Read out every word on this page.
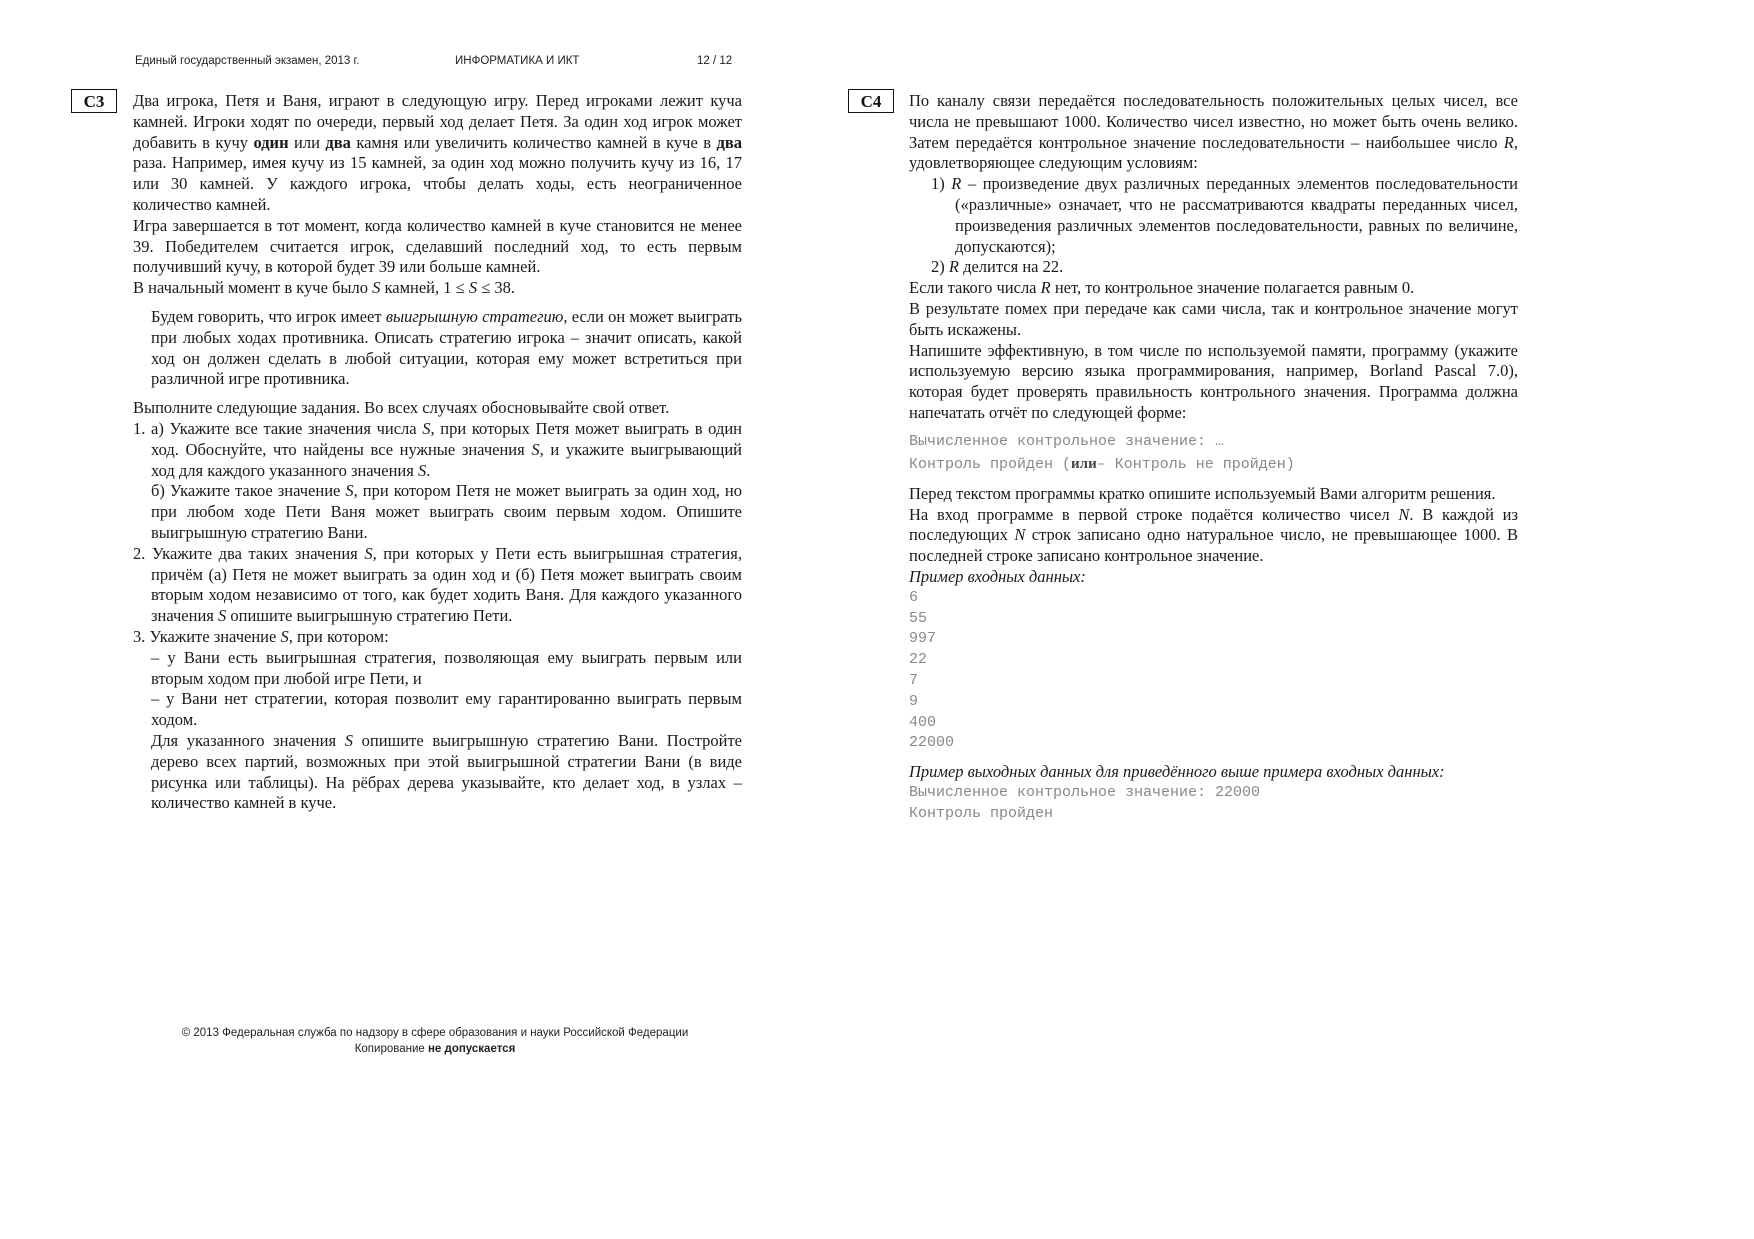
Единый государственный экзамен, 2013 г.	ИНФОРМАТИКА И ИКТ	12 / 12
C3	Два игрока, Петя и Ваня, играют в следующую игру. Перед игроками лежит куча камней. Игроки ходят по очереди, первый ход делает Петя. За один ход игрок может добавить в кучу один или два камня или увеличить количество камней в куче в два раза. Например, имея кучу из 15 камней, за один ход можно получить кучу из 16, 17 или 30 камней. У каждого игрока, чтобы делать ходы, есть неограниченное количество камней.

Игра завершается в тот момент, когда количество камней в куче становится не менее 39. Победителем считается игрок, сделавший последний ход, то есть первым получивший кучу, в которой будет 39 или больше камней.

В начальный момент в куче было S камней, 1 ≤ S ≤ 38.

Будем говорить, что игрок имеет выигрышную стратегию, если он может выиграть при любых ходах противника. Описать стратегию игрока – значит описать, какой ход он должен сделать в любой ситуации, которая ему может встретиться при различной игре противника.

Выполните следующие задания. Во всех случаях обосновывайте свой ответ.

1. а) Укажите все такие значения числа S, при которых Петя может выиграть в один ход. Обоснуйте, что найдены все нужные значения S, и укажите выигрывающий ход для каждого указанного значения S.

б) Укажите такое значение S, при котором Петя не может выиграть за один ход, но при любом ходе Пети Ваня может выиграть своим первым ходом. Опишите выигрышную стратегию Вани.

2. Укажите два таких значения S, при которых у Пети есть выигрышная стратегия, причём (а) Петя не может выиграть за один ход и (б) Петя может выиграть своим вторым ходом независимо от того, как будет ходить Ваня. Для каждого указанного значения S опишите выигрышную стратегию Пети.

3. Укажите значение S, при котором:

– у Вани есть выигрышная стратегия, позволяющая ему выиграть первым или вторым ходом при любой игре Пети, и

– у Вани нет стратегии, которая позволит ему гарантированно выиграть первым ходом.

Для указанного значения S опишите выигрышную стратегию Вани. Постройте дерево всех партий, возможных при этой выигрышной стратегии Вани (в виде рисунка или таблицы). На рёбрах дерева указывайте, кто делает ход, в узлах – количество камней в куче.

C4	По каналу связи передаётся последовательность положительных целых чисел, все числа не превышают 1000. Количество чисел известно, но может быть очень велико. Затем передаётся контрольное значение последовательности – наибольшее число R, удовлетворяющее следующим условиям:

1) R – произведение двух различных переданных элементов последовательности («различные» означает, что не рассматриваются квадраты переданных чисел, произведения различных элементов последовательности, равных по величине, допускаются);

2) R делится на 22.

Если такого числа R нет, то контрольное значение полагается равным 0.

В результате помех при передаче как сами числа, так и контрольное значение могут быть искажены.

Напишите эффективную, в том числе по используемой памяти, программу (укажите используемую версию языка программирования, например, Borland Pascal 7.0), которая будет проверять правильность контрольного значения. Программа должна напечатать отчёт по следующей форме:

Вычисленное контрольное значение: …
Контроль пройден (или– Контроль не пройден)

Перед текстом программы кратко опишите используемый Вами алгоритм решения.

На вход программе в первой строке подаётся количество чисел N. В каждой из последующих N строк записано одно натуральное число, не превышающее 1000. В последней строке записано контрольное значение.

Пример входных данных:

6
55
997
22
7
9
400
22000

Пример выходных данных для приведённого выше примера входных данных:

Вычисленное контрольное значение: 22000
Контроль пройден
© 2013 Федеральная служба по надзору в сфере образования и науки Российской Федерации
Копирование не допускается
